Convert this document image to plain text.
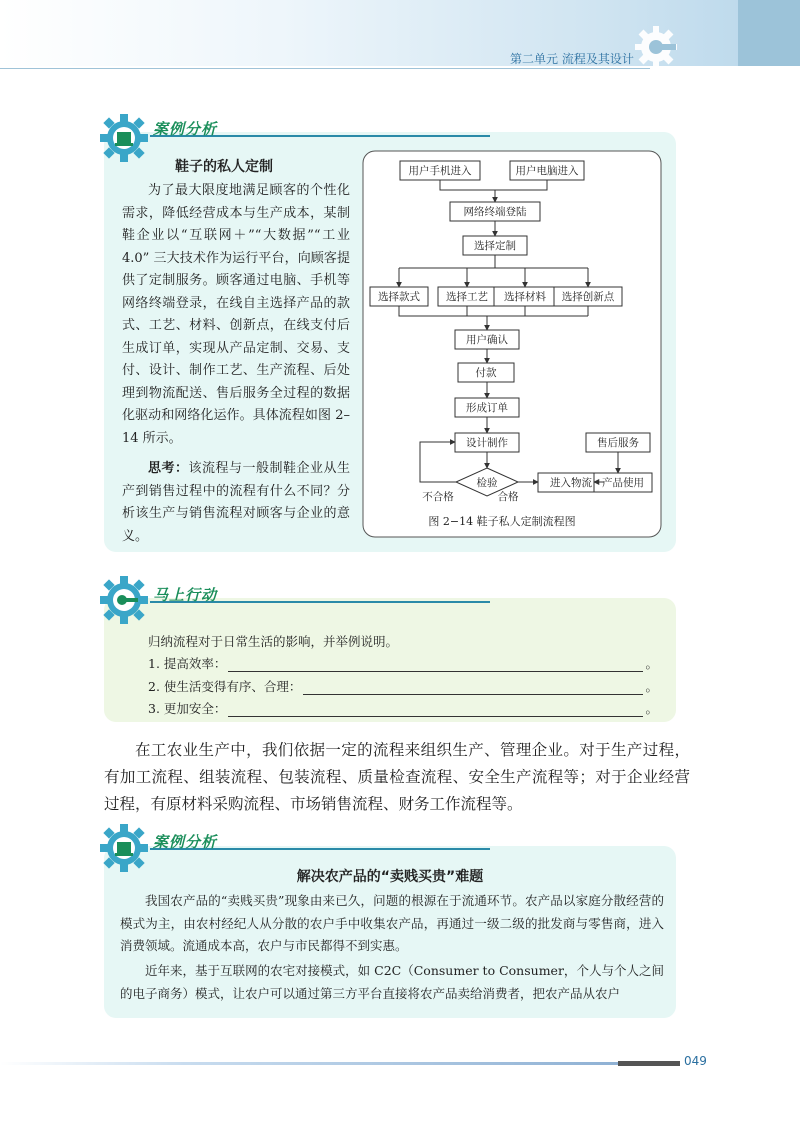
第二单元 流程及其设计
案例分析
鞋子的私人定制
为了最大限度地满足顾客的个性化需求，降低经营成本与生产成本，某制鞋企业以“互联网＋”“大数据”“工业 4.0” 三大技术作为运行平台，向顾客提供了定制服务。顾客通过电脑、手机等网络终端登录，在线自主选择产品的款式、工艺、材料、创新点，在线支付后生成订单，实现从产品定制、交易、支付、设计、制作工艺、生产流程、后处理到物流配送、售后服务全过程的数据化驱动和网络化运作。具体流程如图 2–14 所示。
思考：该流程与一般制鞋企业从生产到销售过程中的流程有什么不同？分析该生产与销售流程对顾客与企业的意义。
用户手机进入	用户电脑进入
网络终端登陆
选择定制
选择款式 选择工艺 选择材料 选择创新点
用户确认
付款
形成订单
设计制作
检验	进入物流
售后服务
产品使用
不合格	合格
图 2−14 鞋子私人定制流程图
马上行动
归纳流程对于日常生活的影响，并举例说明。
1. 提高效率：	。
2. 使生活变得有序、合理：	。
3. 更加安全：	。
在工农业生产中，我们依据一定的流程来组织生产、管理企业。对于生产过程，有加工流程、组装流程、包装流程、质量检查流程、安全生产流程等；对于企业经营过程，有原材料采购流程、市场销售流程、财务工作流程等。
案例分析
解决农产品的“卖贱买贵”难题
我国农产品的“卖贱买贵”现象由来已久，问题的根源在于流通环节。农产品以家庭分散经营的模式为主，由农村经纪人从分散的农户手中收集农产品，再通过一级二级的批发商与零售商，进入消费领域。流通成本高，农户与市民都得不到实惠。
近年来，基于互联网的农宅对接模式，如 C2C（Consumer to Consumer，个人与个人之间的电子商务）模式，让农户可以通过第三方平台直接将农产品卖给消费者，把农产品从农户
049
